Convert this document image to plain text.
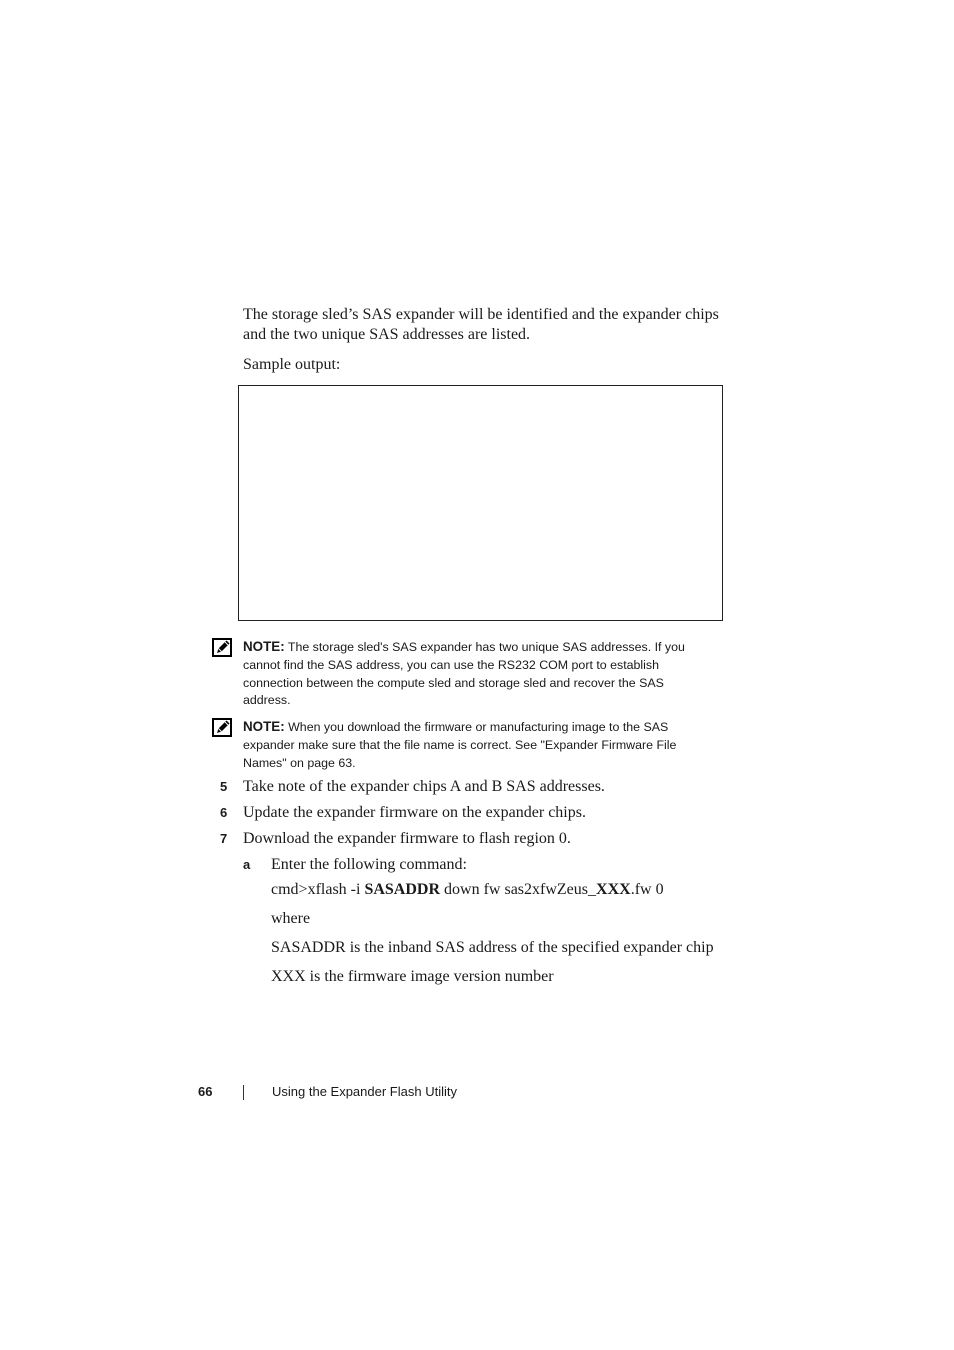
The storage sled’s SAS expander will be identified and the expander chips and the two unique SAS addresses are listed.
Sample output:
NOTE: The storage sled's SAS expander has two unique SAS addresses. If you cannot find the SAS address, you can use the RS232 COM port to establish connection between the compute sled and storage sled and recover the SAS address.
NOTE: When you download the firmware or manufacturing image to the SAS expander make sure that the file name is correct. See "Expander Firmware File Names" on page 63.
5 Take note of the expander chips A and B SAS addresses.
6 Update the expander firmware on the expander chips.
7 Download the expander firmware to flash region 0.
a Enter the following command:
cmd>xflash -i SASADDR down fw sas2xfwZeus_XXX.fw 0
where
SASADDR is the inband SAS address of the specified expander chip
XXX is the firmware image version number
66	Using the Expander Flash Utility
